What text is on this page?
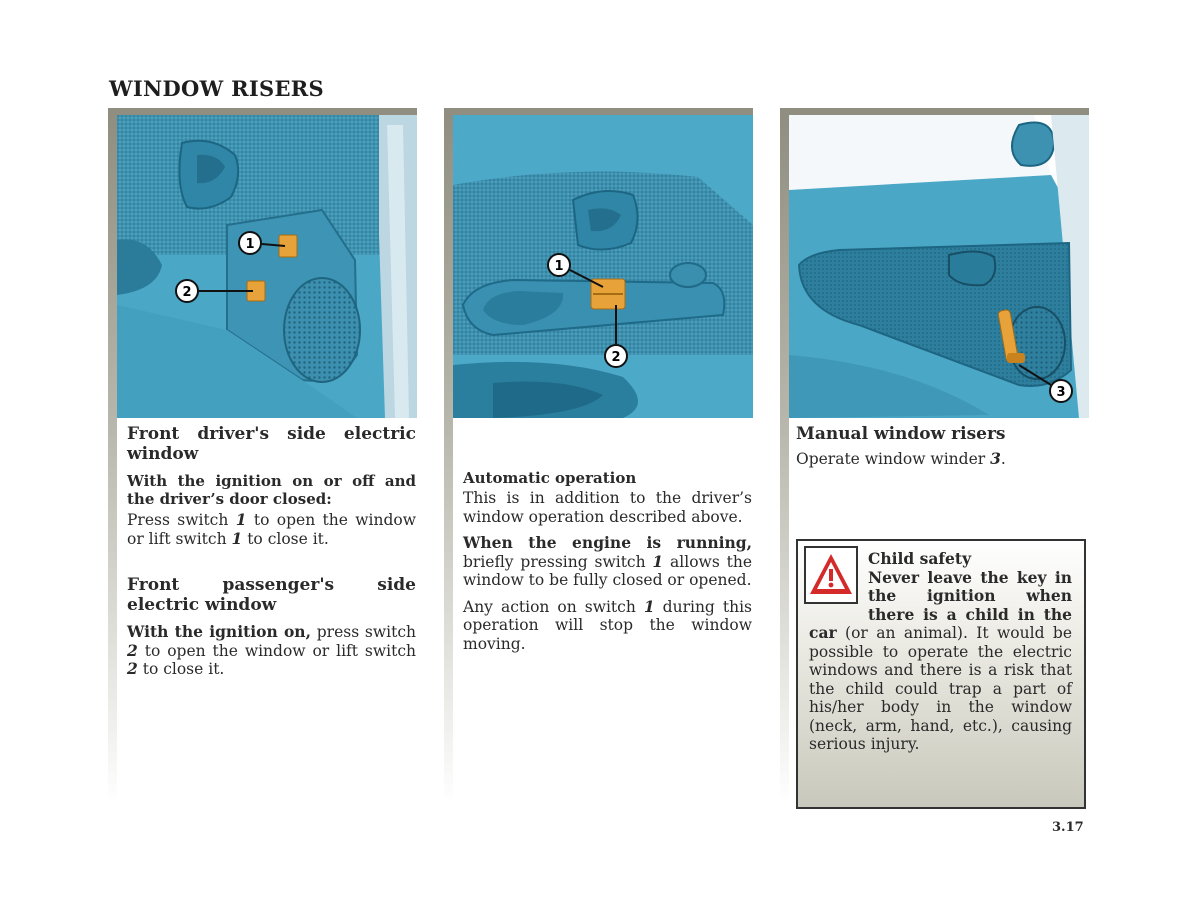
WINDOW RISERS
1
2

Front driver's side electric window

With the ignition on or off and the driver’s door closed:

Press switch 1 to open the window or lift switch 1 to close it.

Front passenger's side electric window

With the ignition on, press switch 2 to open the window or lift switch 2 to close it.

1
2
Automatic operation

This is in addition to the driver’s window operation described above.

When the engine is running, briefly pressing switch 1 allows the window to be fully closed or opened.

Any action on switch 1 during this operation will stop the window moving.

3

Manual window risers

Operate window winder 3.

Child safety
Never leave the key in the ignition when there is a child in the car (or an animal). It would be possible to operate the electric windows and there is a risk that the child could trap a part of his/her body in the window (neck, arm, hand, etc.), causing serious injury.
3.17
